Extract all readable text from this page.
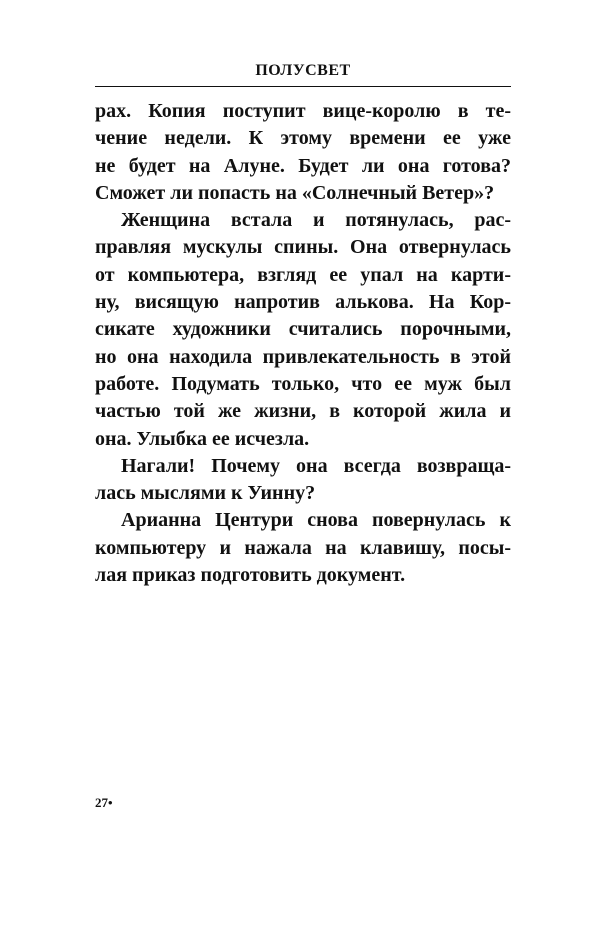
ПОЛУСВЕТ
рах. Копия поступит вице-королю в те-
чение недели. К этому времени ее уже
не будет на Алуне. Будет ли она готова?
Сможет ли попасть на «Солнечный Ветер»?
Женщина встала и потянулась, рас-
правляя мускулы спины. Она отвернулась
от компьютера, взгляд ее упал на карти-
ну, висящую напротив алькова. На Кор-
сикате художники считались порочными,
но она находила привлекательность в этой
работе. Подумать только, что ее муж был
частью той же жизни, в которой жила и
она. Улыбка ее исчезла.
Нагали! Почему она всегда возвраща-
лась мыслями к Уинну?
Арианна Центури снова повернулась к
компьютеру и нажала на клавишу, посы-
лая приказ подготовить документ.
27•
